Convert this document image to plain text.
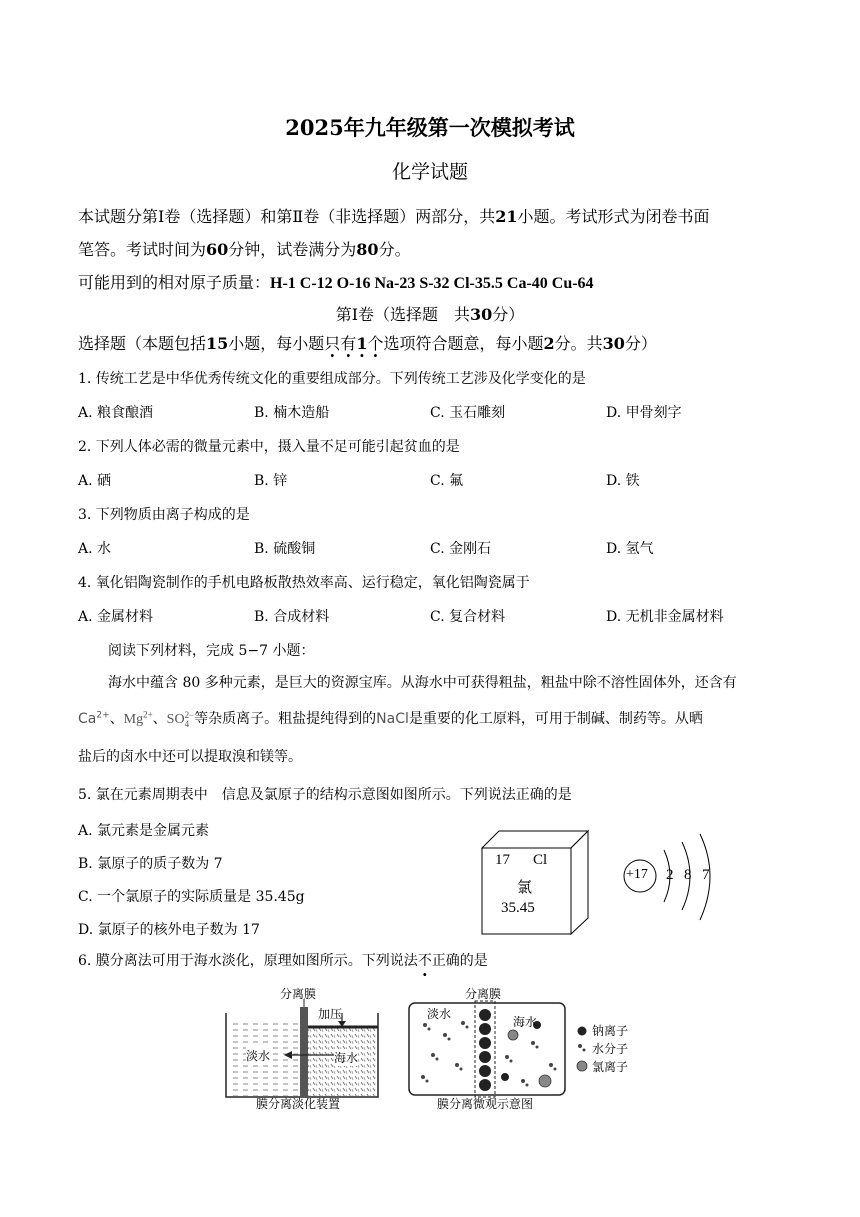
2025年九年级第一次模拟考试
化学试题
本试题分第Ⅰ卷（选择题）和第Ⅱ卷（非选择题）两部分，共21小题。考试形式为闭卷书面
笔答。考试时间为60分钟，试卷满分为80分。
可能用到的相对原子质量：H-1 C-12 O-16 Na-23 S-32 Cl-35.5 Ca-40 Cu-64
第Ⅰ卷（选择题　共30分）
选择题（本题包括15小题，每小题只有1 ·个选项符合题意，每小题2分。共30分）
1. 传统工艺是中华优秀传统文化的重要组成部分。下列传统工艺涉及化学变化的是
A. 粮食酿酒	B. 楠木造船	C. 玉石雕刻	D. 甲骨刻字
2. 下列人体必需的微量元素中，摄入量不足可能引起贫血的是
A. 硒	B. 锌	C. 氟	D. 铁
3. 下列物质由离子构成的是
A. 水	B. 硫酸铜	C. 金刚石	D. 氢气
4. 氧化铝陶瓷制作的手机电路板散热效率高、运行稳定，氧化铝陶瓷属于
A. 金属材料	B. 合成材料	C. 复合材料	D. 无机非金属材料
阅读下列材料，完成 5−7 小题：
海水中蕴含 80 多种元素，是巨大的资源宝库。从海水中可获得粗盐，粗盐中除不溶性固体外，还含有
$Ca^{2+}$、$Mg^{2+}$、SO 2−
4 等杂质离子。粗盐提纯得到的NaCl是重要的化工原料，可用于制碱、制药等。从晒
盐后的卤水中还可以提取溴和镁等。
5. 氯在元素周期表中　信息及氯原子的结构示意图如图所示。下列说法正确的是
A. 氯元素是金属元素
B. 氯原子的质子数为 7
C. 一个氯原子的实际质量是 35.45g
D. 氯原子的核外电子数为 17
17 Cl
氯
35.45
+17 2 8 7
6. 膜分离法可用于海水淡化，原理如图所示。下列说法不正确的是
分离膜
加压
淡水	海水
膜分离淡化装置
分离膜
淡水
海水
膜分离微观示意图
钠离子
水分子
氯离子
